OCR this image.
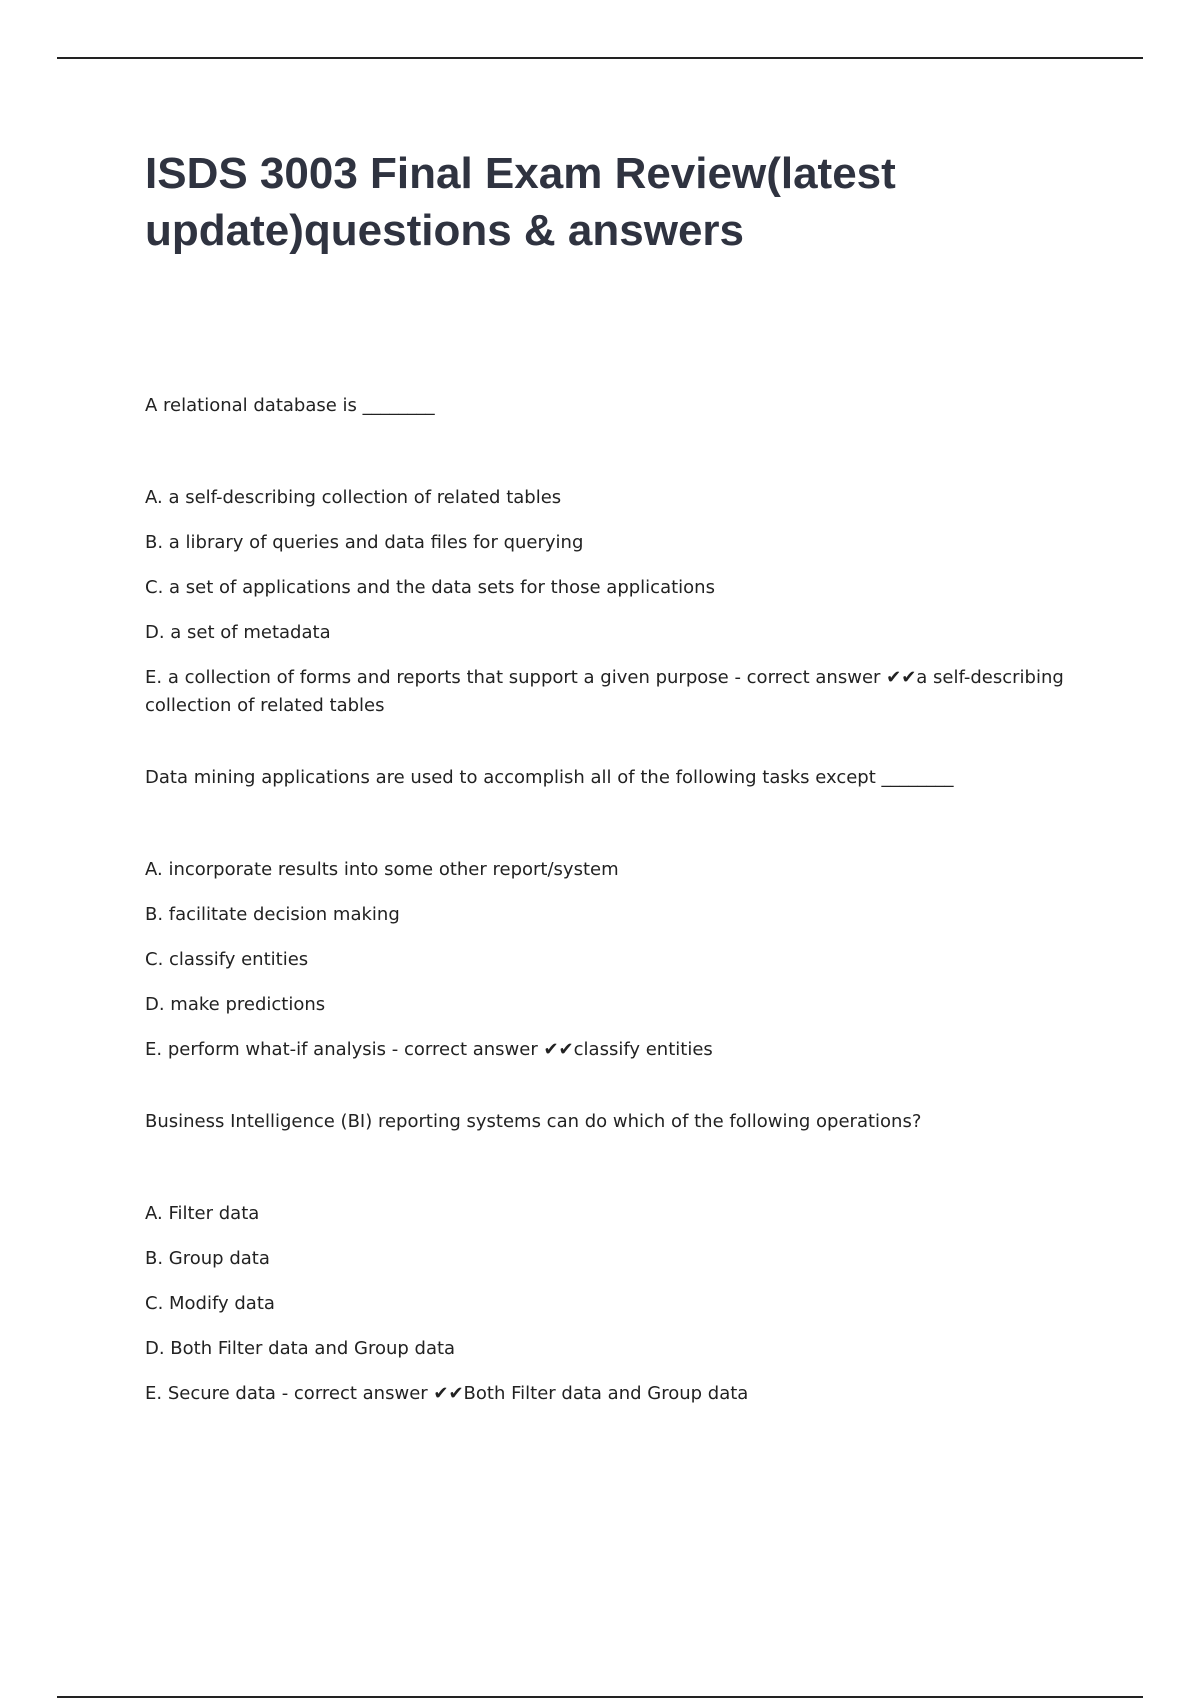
ISDS 3003 Final Exam Review(latest update)questions & answers

A relational database is ________

A. a self-describing collection of related tables

B. a library of queries and data files for querying

C. a set of applications and the data sets for those applications

D. a set of metadata

E. a collection of forms and reports that support a given purpose - correct answer ✔✔a self-describing collection of related tables

Data mining applications are used to accomplish all of the following tasks except ________

A. incorporate results into some other report/system

B. facilitate decision making

C. classify entities

D. make predictions

E. perform what-if analysis - correct answer ✔✔classify entities

Business Intelligence (BI) reporting systems can do which of the following operations?

A. Filter data

B. Group data

C. Modify data

D. Both Filter data and Group data

E. Secure data - correct answer ✔✔Both Filter data and Group data
